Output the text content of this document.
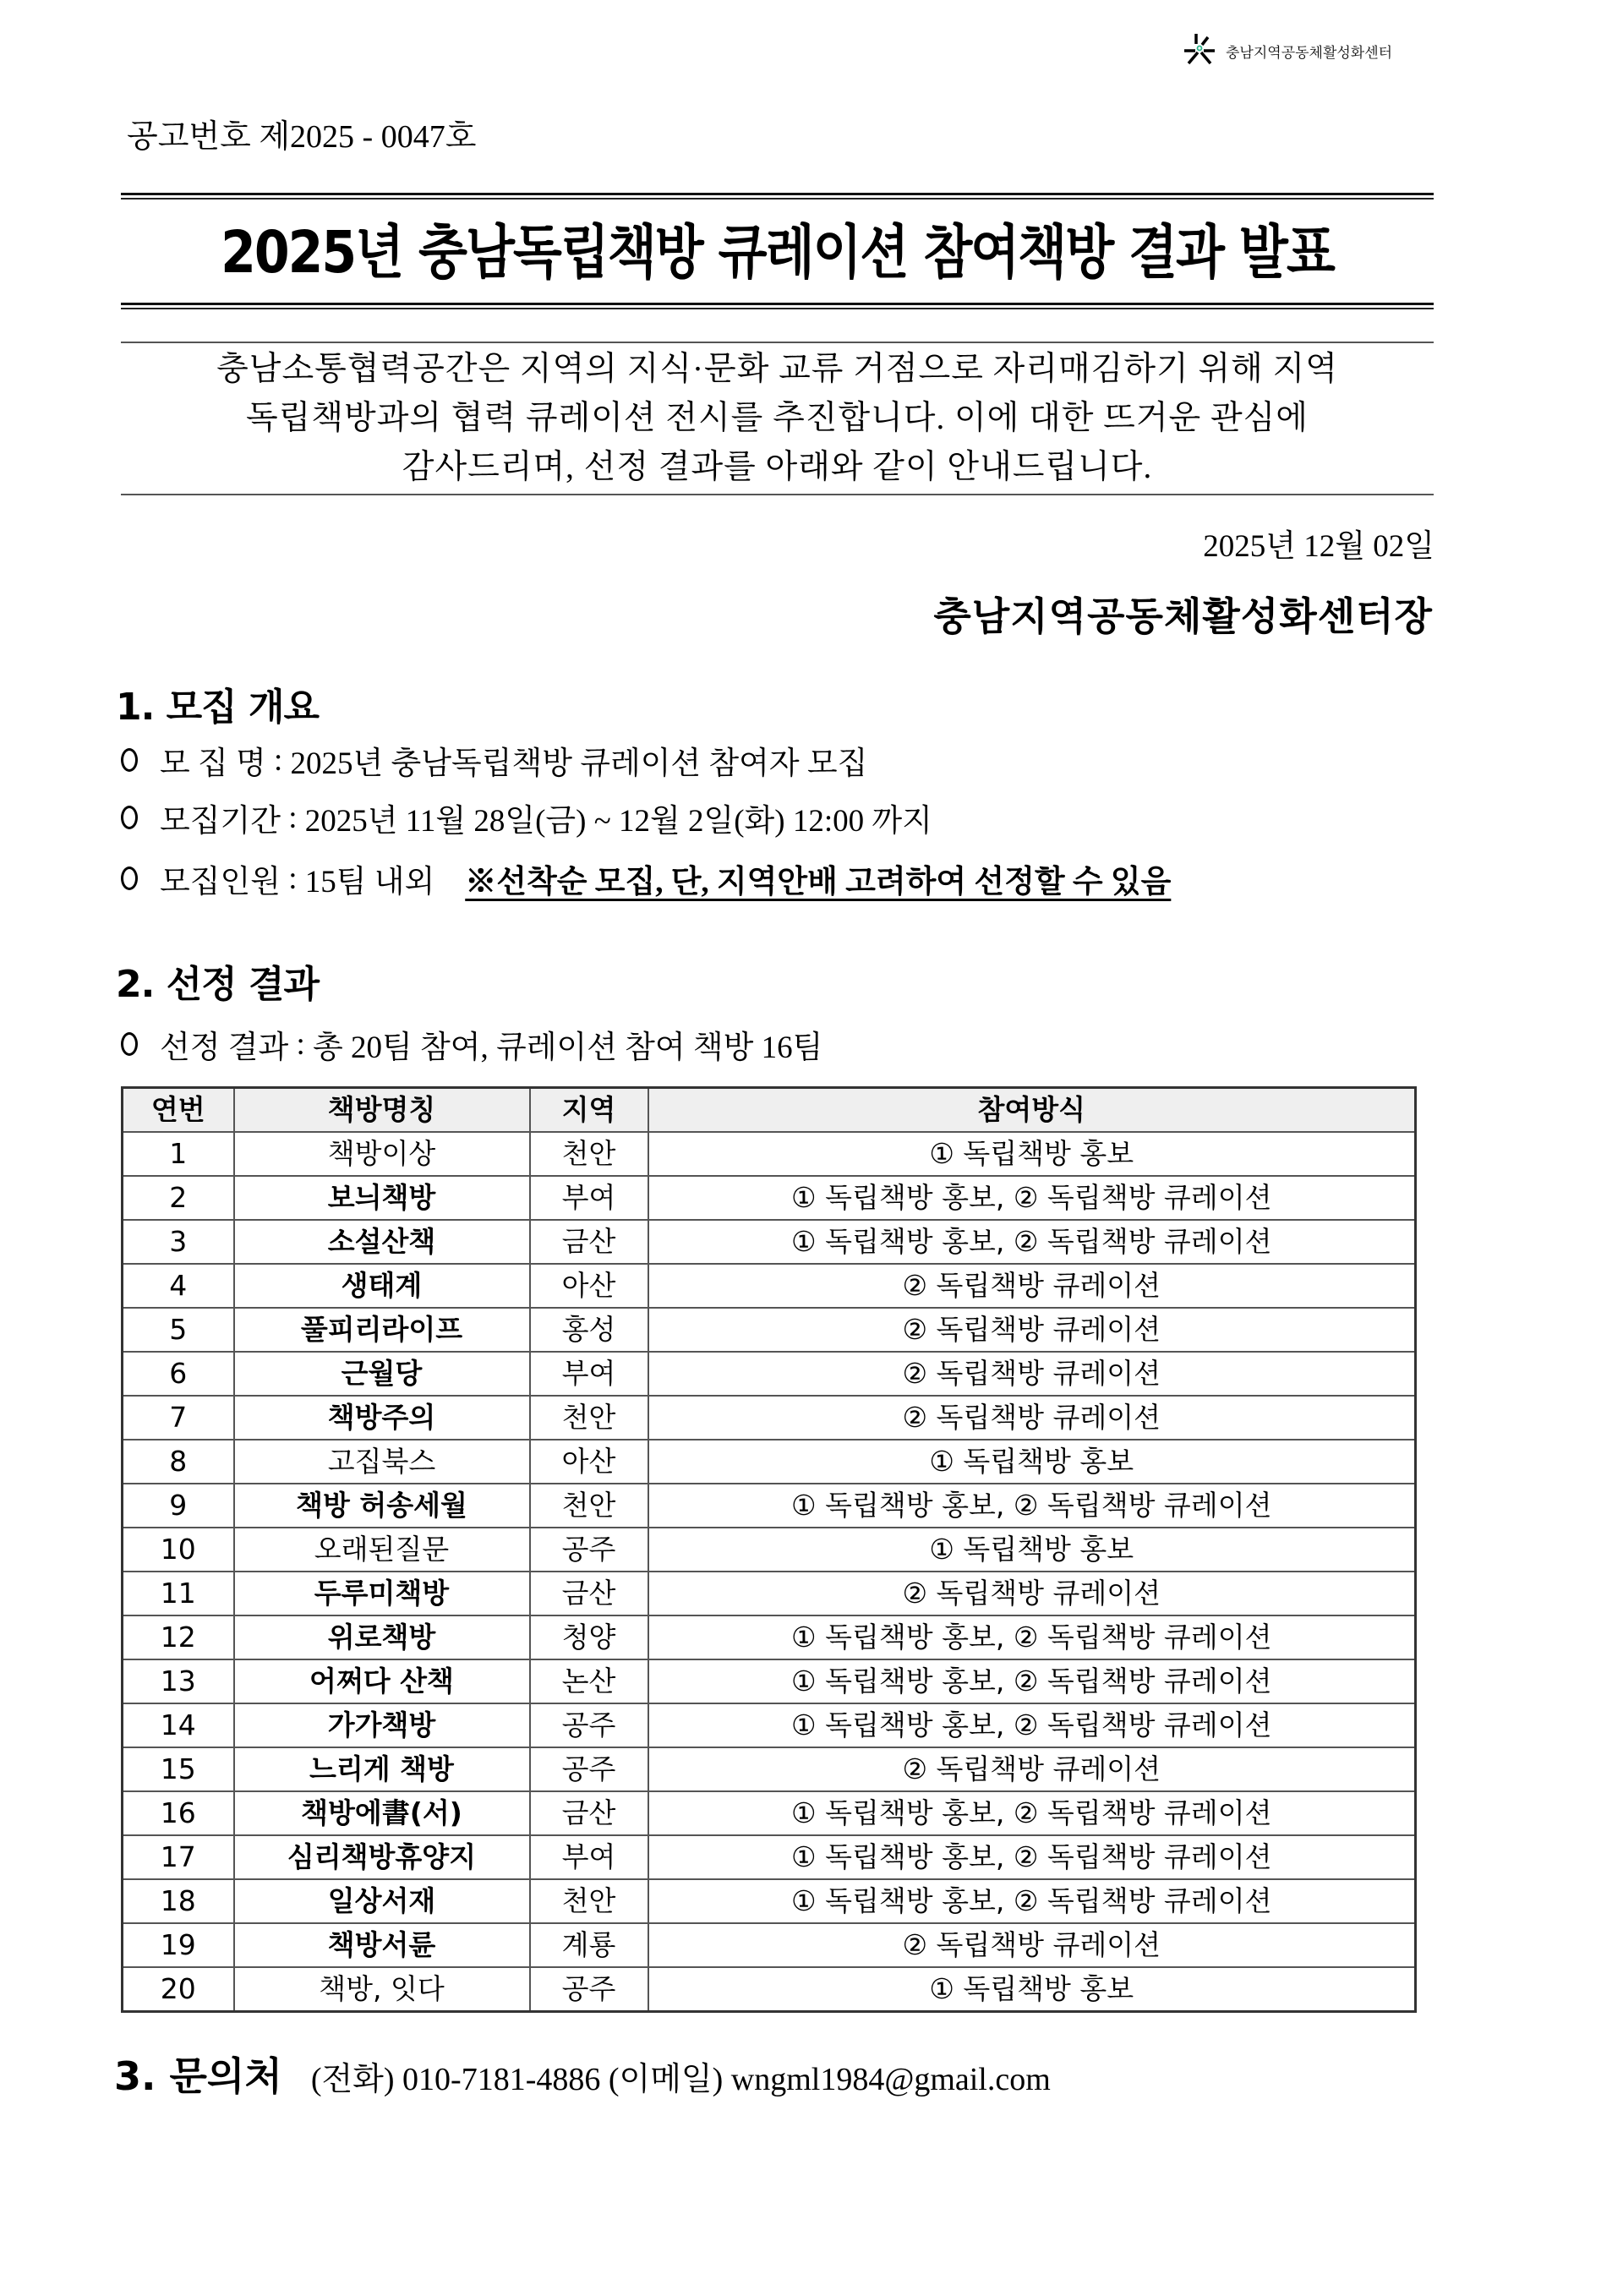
충남지역공동체활성화센터
공고번호 제2025 - 0047호
2025년 충남독립책방 큐레이션 참여책방 결과 발표
충남소통협력공간은 지역의 지식·문화 교류 거점으로 자리매김하기 위해 지역
독립책방과의 협력 큐레이션 전시를 추진합니다. 이에 대한 뜨거운 관심에
감사드리며, 선정 결과를 아래와 같이 안내드립니다.
2025년 12월 02일
충남지역공동체활성화센터장
1. 모집 개요
모 집 명 : 2025년 충남독립책방 큐레이션 참여자 모집
모집기간 : 2025년 11월 28일(금) ~ 12월 2일(화) 12:00 까지
모집인원 : 15팀 내외 ※선착순 모집, 단, 지역안배 고려하여 선정할 수 있음
2. 선정 결과
선정 결과 : 총 20팀 참여, 큐레이션 참여 책방 16팀
연번	책방명칭	지역	참여방식
1	책방이상	천안	① 독립책방 홍보
2	보늬책방	부여	① 독립책방 홍보, ② 독립책방 큐레이션
3	소설산책	금산	① 독립책방 홍보, ② 독립책방 큐레이션
4	생태계	아산	② 독립책방 큐레이션
5	풀피리라이프	홍성	② 독립책방 큐레이션
6	근월당	부여	② 독립책방 큐레이션
7	책방주의	천안	② 독립책방 큐레이션
8	고집북스	아산	① 독립책방 홍보
9	책방 허송세월	천안	① 독립책방 홍보, ② 독립책방 큐레이션
10	오래된질문	공주	① 독립책방 홍보
11	두루미책방	금산	② 독립책방 큐레이션
12	위로책방	청양	① 독립책방 홍보, ② 독립책방 큐레이션
13	어쩌다 산책	논산	① 독립책방 홍보, ② 독립책방 큐레이션
14	가가책방	공주	① 독립책방 홍보, ② 독립책방 큐레이션
15	느리게 책방	공주	② 독립책방 큐레이션
16	책방에書(서)	금산	① 독립책방 홍보, ② 독립책방 큐레이션
17	심리책방휴양지	부여	① 독립책방 홍보, ② 독립책방 큐레이션
18	일상서재	천안	① 독립책방 홍보, ② 독립책방 큐레이션
19	책방서륜	계룡	② 독립책방 큐레이션
20	책방, 잇다	공주	① 독립책방 홍보
3. 문의처 (전화) 010-7181-4886 (이메일) wngml1984@gmail.com
